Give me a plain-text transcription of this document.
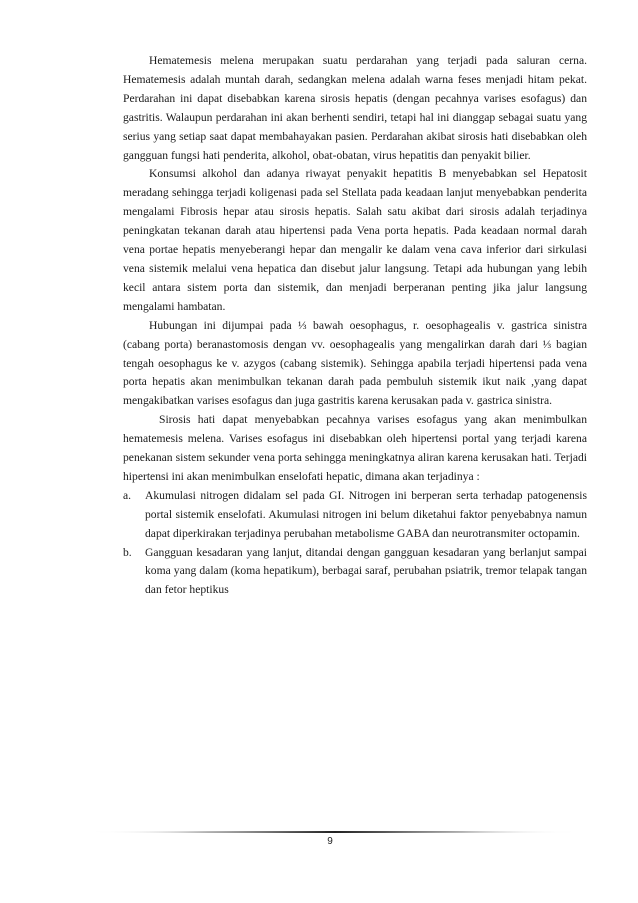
Hematemesis melena merupakan suatu perdarahan yang terjadi pada saluran cerna. Hematemesis adalah muntah darah, sedangkan melena adalah warna feses menjadi hitam pekat. Perdarahan ini dapat disebabkan karena sirosis hepatis (dengan pecahnya varises esofagus) dan gastritis. Walaupun perdarahan ini akan berhenti sendiri, tetapi hal ini dianggap sebagai suatu yang serius yang setiap saat dapat membahayakan pasien. Perdarahan akibat sirosis hati disebabkan oleh gangguan fungsi hati penderita, alkohol, obat-obatan, virus hepatitis dan penyakit bilier.

Konsumsi alkohol dan adanya riwayat penyakit hepatitis B menyebabkan sel Hepatosit meradang sehingga terjadi koligenasi pada sel Stellata pada keadaan lanjut menyebabkan penderita mengalami Fibrosis hepar atau sirosis hepatis. Salah satu akibat dari sirosis adalah terjadinya peningkatan tekanan darah atau hipertensi pada Vena porta hepatis. Pada keadaan normal darah vena portae hepatis menyeberangi hepar dan mengalir ke dalam vena cava inferior dari sirkulasi vena sistemik melalui vena hepatica dan disebut jalur langsung. Tetapi ada hubungan yang lebih kecil antara sistem porta dan sistemik, dan menjadi berperanan penting jika jalur langsung mengalami hambatan.

Hubungan ini dijumpai pada ⅓ bawah oesophagus, r. oesophagealis v. gastrica sinistra (cabang porta) beranastomosis dengan vv. oesophagealis yang mengalirkan darah dari ⅓ bagian tengah oesophagus ke v. azygos (cabang sistemik). Sehingga apabila terjadi hipertensi pada vena porta hepatis akan menimbulkan tekanan darah pada pembuluh sistemik ikut naik ,yang dapat mengakibatkan varises esofagus dan juga gastritis karena kerusakan pada v. gastrica sinistra.

Sirosis hati dapat menyebabkan pecahnya varises esofagus yang akan menimbulkan hematemesis melena. Varises esofagus ini disebabkan oleh hipertensi portal yang terjadi karena penekanan sistem sekunder vena porta sehingga meningkatnya aliran karena kerusakan hati. Terjadi hipertensi ini akan menimbulkan enselofati hepatic, dimana akan terjadinya :

a.	Akumulasi nitrogen didalam sel pada GI. Nitrogen ini berperan serta terhadap patogenensis portal sistemik enselofati. Akumulasi nitrogen ini belum diketahui faktor penyebabnya namun dapat diperkirakan terjadinya perubahan metabolisme GABA dan neurotransmiter octopamin.
b.	Gangguan kesadaran yang lanjut, ditandai dengan gangguan kesadaran yang berlanjut sampai koma yang dalam (koma hepatikum), berbagai saraf, perubahan psiatrik, tremor telapak tangan dan fetor heptikus
9
